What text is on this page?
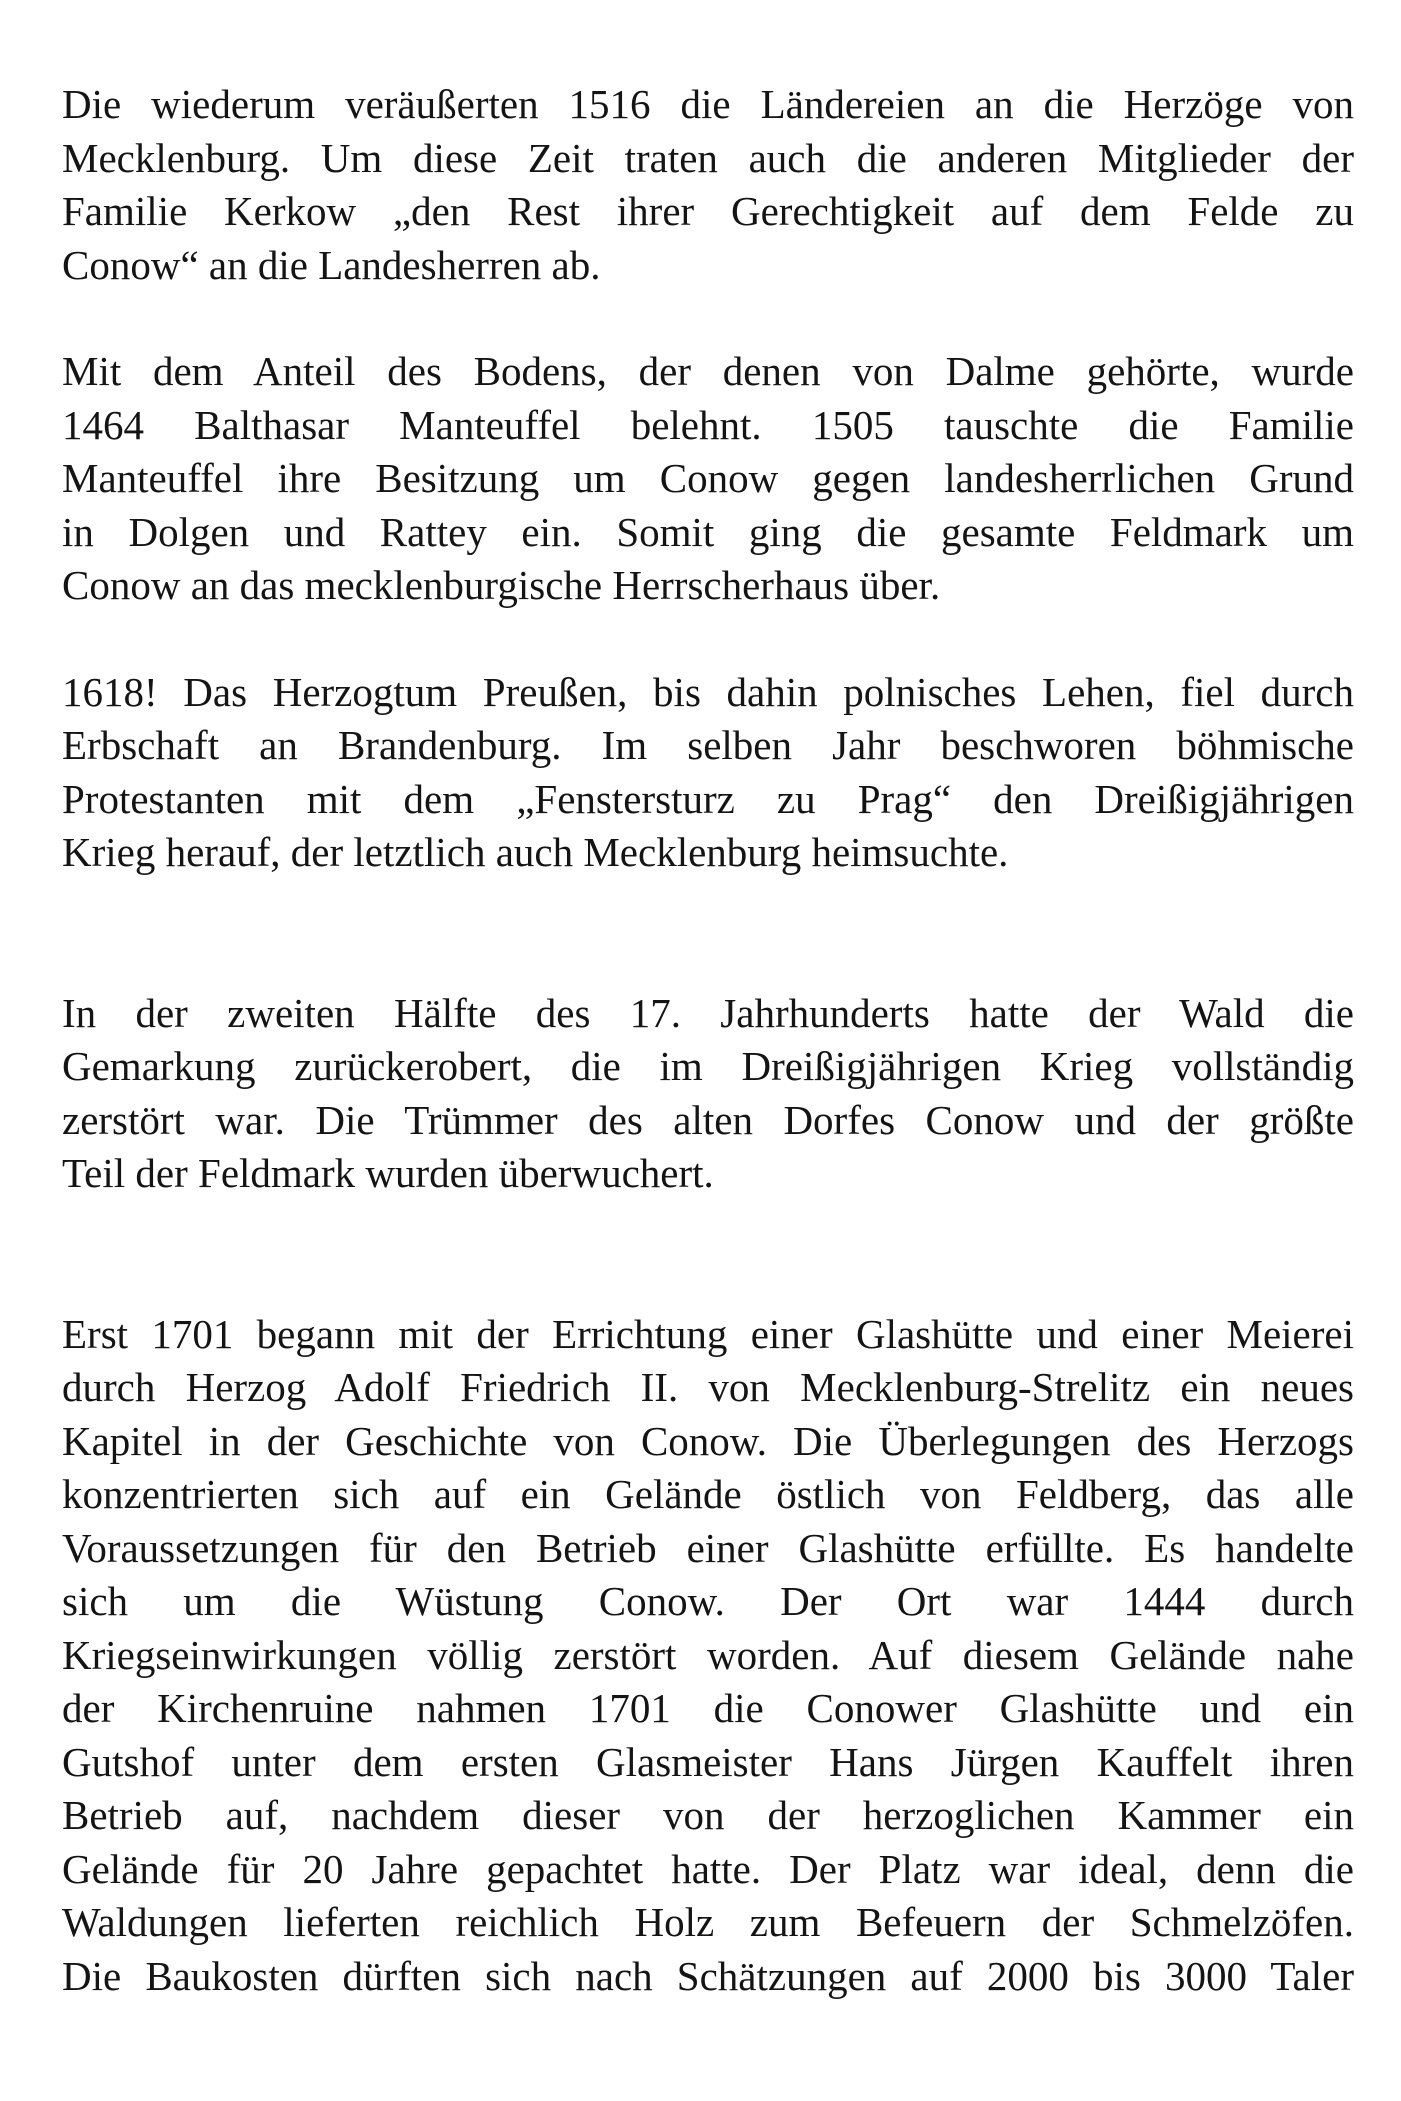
Die wiederum veräußerten 1516 die Ländereien an die Herzöge von
Mecklenburg. Um diese Zeit traten auch die anderen Mitglieder der
Familie Kerkow „den Rest ihrer Gerechtigkeit auf dem Felde zu
Conow“ an die Landesherren ab.

Mit dem Anteil des Bodens, der denen von Dalme gehörte, wurde
1464 Balthasar Manteuffel belehnt. 1505 tauschte die Familie
Manteuffel ihre Besitzung um Conow gegen landesherrlichen Grund
in Dolgen und Rattey ein. Somit ging die gesamte Feldmark um
Conow an das mecklenburgische Herrscherhaus über.

1618! Das Herzogtum Preußen, bis dahin polnisches Lehen, fiel durch
Erbschaft an Brandenburg. Im selben Jahr beschworen böhmische
Protestanten mit dem „Fenstersturz zu Prag“ den Dreißigjährigen
Krieg herauf, der letztlich auch Mecklenburg heimsuchte.

In der zweiten Hälfte des 17. Jahrhunderts hatte der Wald die
Gemarkung zurückerobert, die im Dreißigjährigen Krieg vollständig
zerstört war. Die Trümmer des alten Dorfes Conow und der größte
Teil der Feldmark wurden überwuchert.

Erst 1701 begann mit der Errichtung einer Glashütte und einer Meierei
durch Herzog Adolf Friedrich II. von Mecklenburg-Strelitz ein neues
Kapitel in der Geschichte von Conow. Die Überlegungen des Herzogs
konzentrierten sich auf ein Gelände östlich von Feldberg, das alle
Voraussetzungen für den Betrieb einer Glashütte erfüllte. Es handelte
sich um die Wüstung Conow. Der Ort war 1444 durch
Kriegseinwirkungen völlig zerstört worden. Auf diesem Gelände nahe
der Kirchenruine nahmen 1701 die Conower Glashütte und ein
Gutshof unter dem ersten Glasmeister Hans Jürgen Kauffelt ihren
Betrieb auf, nachdem dieser von der herzoglichen Kammer ein
Gelände für 20 Jahre gepachtet hatte. Der Platz war ideal, denn die
Waldungen lieferten reichlich Holz zum Befeuern der Schmelzöfen.
Die Baukosten dürften sich nach Schätzungen auf 2000 bis 3000 Taler
